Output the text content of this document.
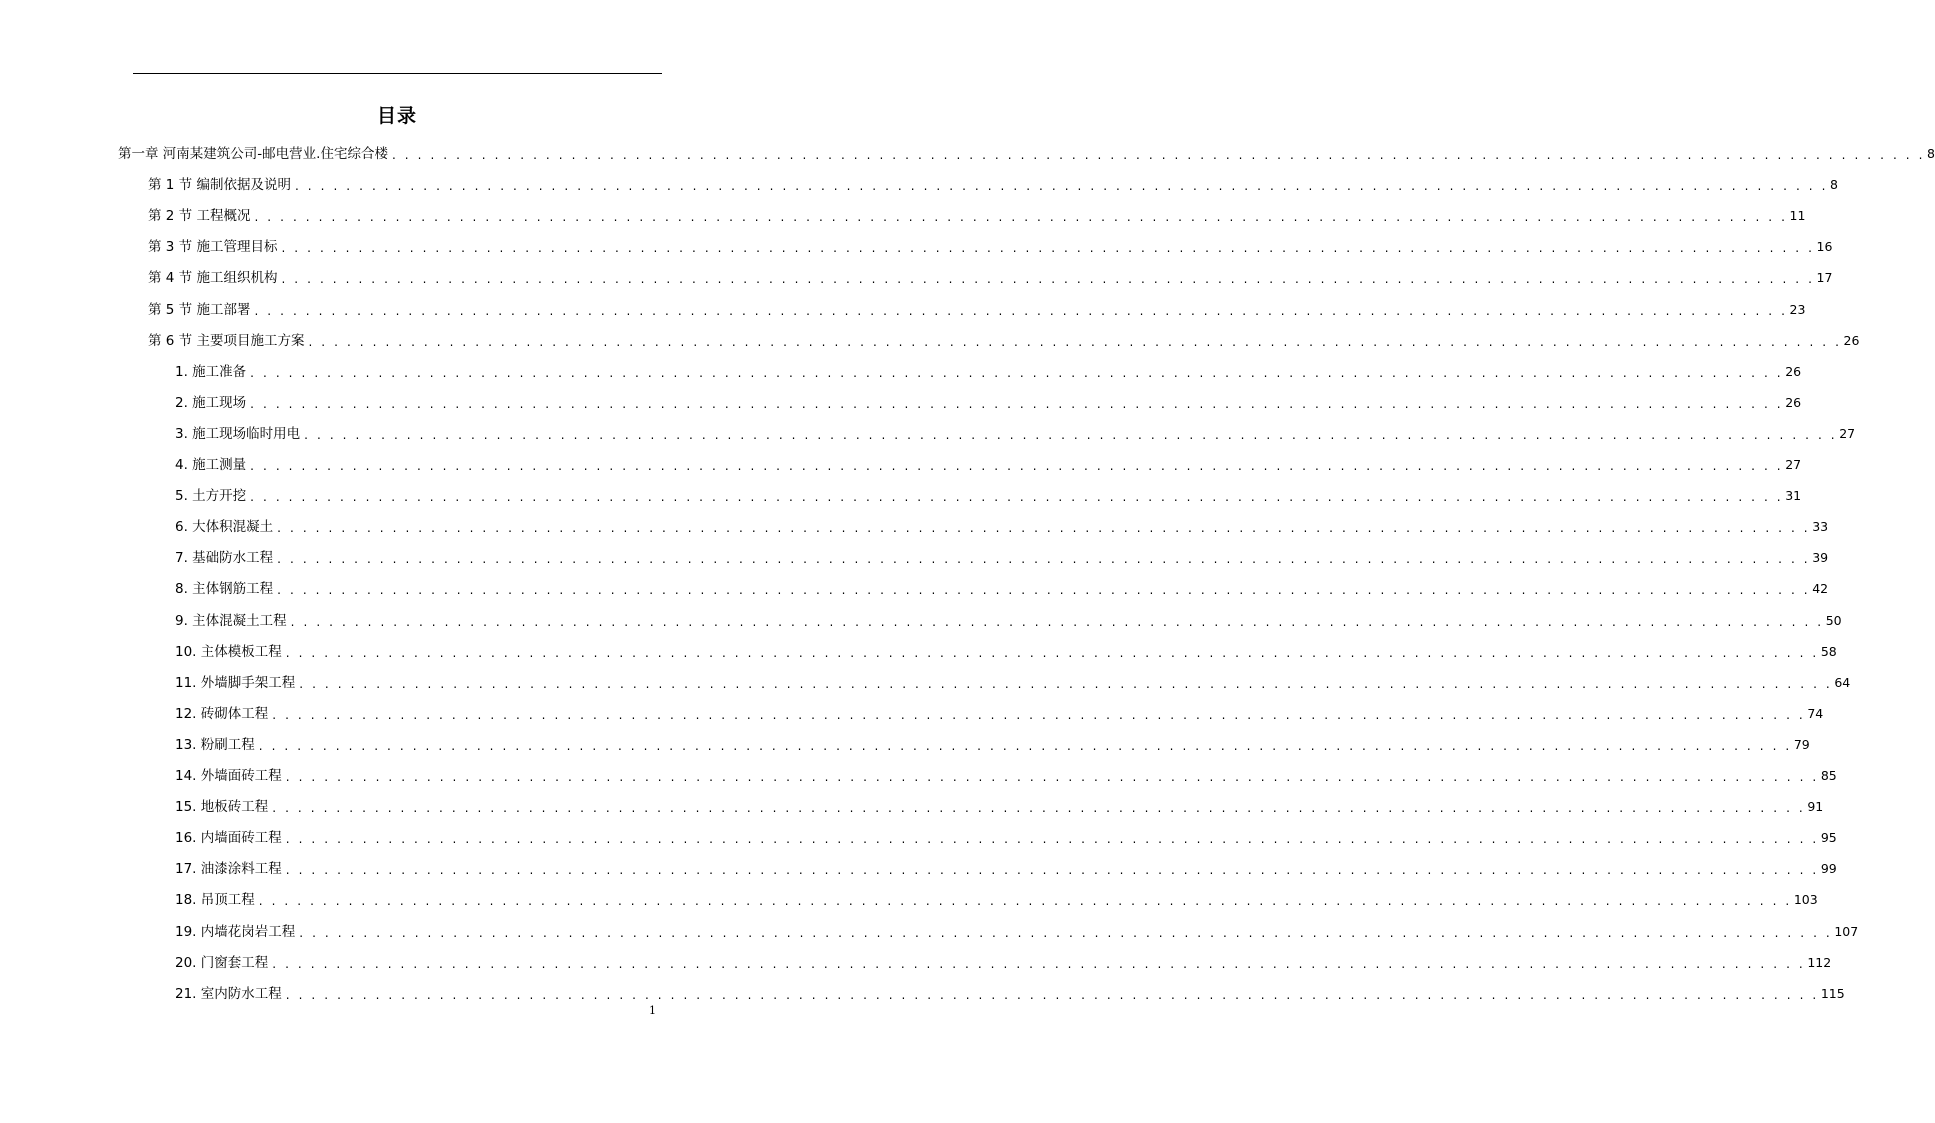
目录
第一章 河南某建筑公司-邮电营业.住宅综合楼 . . . . . . . . . . . . . . . . . . . . . . . . . . . . . . . . . . . . . . . . . . . . . . . . . . . . . . . . . . . . . . . . . . . . . . . . . . . . . . . . . . . . . . . . . . . . . . . . . . . . . . . . . . . . . . . . . . . . . . . . 8
第 1 节 编制依据及说明 . . . . . . . . . . . . . . . . . . . . . . . . . . . . . . . . . . . . . . . . . . . . . . . . . . . . . . . . . . . . . . . . . . . . . . . . . . . . . . . . . . . . . . . . . . . . . . . . . . . . . . . . . . . . . . . . . . . . . . . . 8
第 2 节 工程概况 . . . . . . . . . . . . . . . . . . . . . . . . . . . . . . . . . . . . . . . . . . . . . . . . . . . . . . . . . . . . . . . . . . . . . . . . . . . . . . . . . . . . . . . . . . . . . . . . . . . . . . . . . . . . . . . . . . . . . . . . 11
第 3 节 施工管理目标 . . . . . . . . . . . . . . . . . . . . . . . . . . . . . . . . . . . . . . . . . . . . . . . . . . . . . . . . . . . . . . . . . . . . . . . . . . . . . . . . . . . . . . . . . . . . . . . . . . . . . . . . . . . . . . . . . . . . . . . . 16
第 4 节 施工组织机构 . . . . . . . . . . . . . . . . . . . . . . . . . . . . . . . . . . . . . . . . . . . . . . . . . . . . . . . . . . . . . . . . . . . . . . . . . . . . . . . . . . . . . . . . . . . . . . . . . . . . . . . . . . . . . . . . . . . . . . . . 17
第 5 节 施工部署 . . . . . . . . . . . . . . . . . . . . . . . . . . . . . . . . . . . . . . . . . . . . . . . . . . . . . . . . . . . . . . . . . . . . . . . . . . . . . . . . . . . . . . . . . . . . . . . . . . . . . . . . . . . . . . . . . . . . . . . . 23
第 6 节 主要项目施工方案 . . . . . . . . . . . . . . . . . . . . . . . . . . . . . . . . . . . . . . . . . . . . . . . . . . . . . . . . . . . . . . . . . . . . . . . . . . . . . . . . . . . . . . . . . . . . . . . . . . . . . . . . . . . . . . . . . . . . . . . . 26
1. 施工准备 . . . . . . . . . . . . . . . . . . . . . . . . . . . . . . . . . . . . . . . . . . . . . . . . . . . . . . . . . . . . . . . . . . . . . . . . . . . . . . . . . . . . . . . . . . . . . . . . . . . . . . . . . . . . . . . . . . . . . . . . 26
2. 施工现场 . . . . . . . . . . . . . . . . . . . . . . . . . . . . . . . . . . . . . . . . . . . . . . . . . . . . . . . . . . . . . . . . . . . . . . . . . . . . . . . . . . . . . . . . . . . . . . . . . . . . . . . . . . . . . . . . . . . . . . . . 26
3. 施工现场临时用电 . . . . . . . . . . . . . . . . . . . . . . . . . . . . . . . . . . . . . . . . . . . . . . . . . . . . . . . . . . . . . . . . . . . . . . . . . . . . . . . . . . . . . . . . . . . . . . . . . . . . . . . . . . . . . . . . . . . . . . . . 27
4. 施工测量 . . . . . . . . . . . . . . . . . . . . . . . . . . . . . . . . . . . . . . . . . . . . . . . . . . . . . . . . . . . . . . . . . . . . . . . . . . . . . . . . . . . . . . . . . . . . . . . . . . . . . . . . . . . . . . . . . . . . . . . . 27
5. 土方开挖 . . . . . . . . . . . . . . . . . . . . . . . . . . . . . . . . . . . . . . . . . . . . . . . . . . . . . . . . . . . . . . . . . . . . . . . . . . . . . . . . . . . . . . . . . . . . . . . . . . . . . . . . . . . . . . . . . . . . . . . . 31
6. 大体积混凝土 . . . . . . . . . . . . . . . . . . . . . . . . . . . . . . . . . . . . . . . . . . . . . . . . . . . . . . . . . . . . . . . . . . . . . . . . . . . . . . . . . . . . . . . . . . . . . . . . . . . . . . . . . . . . . . . . . . . . . . . . 33
7. 基础防水工程 . . . . . . . . . . . . . . . . . . . . . . . . . . . . . . . . . . . . . . . . . . . . . . . . . . . . . . . . . . . . . . . . . . . . . . . . . . . . . . . . . . . . . . . . . . . . . . . . . . . . . . . . . . . . . . . . . . . . . . . . 39
8. 主体钢筋工程 . . . . . . . . . . . . . . . . . . . . . . . . . . . . . . . . . . . . . . . . . . . . . . . . . . . . . . . . . . . . . . . . . . . . . . . . . . . . . . . . . . . . . . . . . . . . . . . . . . . . . . . . . . . . . . . . . . . . . . . . 42
9. 主体混凝土工程 . . . . . . . . . . . . . . . . . . . . . . . . . . . . . . . . . . . . . . . . . . . . . . . . . . . . . . . . . . . . . . . . . . . . . . . . . . . . . . . . . . . . . . . . . . . . . . . . . . . . . . . . . . . . . . . . . . . . . . . . 50
10. 主体模板工程 . . . . . . . . . . . . . . . . . . . . . . . . . . . . . . . . . . . . . . . . . . . . . . . . . . . . . . . . . . . . . . . . . . . . . . . . . . . . . . . . . . . . . . . . . . . . . . . . . . . . . . . . . . . . . . . . . . . . . . . . 58
11. 外墙脚手架工程 . . . . . . . . . . . . . . . . . . . . . . . . . . . . . . . . . . . . . . . . . . . . . . . . . . . . . . . . . . . . . . . . . . . . . . . . . . . . . . . . . . . . . . . . . . . . . . . . . . . . . . . . . . . . . . . . . . . . . . . . 64
12. 砖砌体工程 . . . . . . . . . . . . . . . . . . . . . . . . . . . . . . . . . . . . . . . . . . . . . . . . . . . . . . . . . . . . . . . . . . . . . . . . . . . . . . . . . . . . . . . . . . . . . . . . . . . . . . . . . . . . . . . . . . . . . . . . 74
13. 粉刷工程 . . . . . . . . . . . . . . . . . . . . . . . . . . . . . . . . . . . . . . . . . . . . . . . . . . . . . . . . . . . . . . . . . . . . . . . . . . . . . . . . . . . . . . . . . . . . . . . . . . . . . . . . . . . . . . . . . . . . . . . . 79
14. 外墙面砖工程 . . . . . . . . . . . . . . . . . . . . . . . . . . . . . . . . . . . . . . . . . . . . . . . . . . . . . . . . . . . . . . . . . . . . . . . . . . . . . . . . . . . . . . . . . . . . . . . . . . . . . . . . . . . . . . . . . . . . . . . . 85
15. 地板砖工程 . . . . . . . . . . . . . . . . . . . . . . . . . . . . . . . . . . . . . . . . . . . . . . . . . . . . . . . . . . . . . . . . . . . . . . . . . . . . . . . . . . . . . . . . . . . . . . . . . . . . . . . . . . . . . . . . . . . . . . . . 91
16. 内墙面砖工程 . . . . . . . . . . . . . . . . . . . . . . . . . . . . . . . . . . . . . . . . . . . . . . . . . . . . . . . . . . . . . . . . . . . . . . . . . . . . . . . . . . . . . . . . . . . . . . . . . . . . . . . . . . . . . . . . . . . . . . . . 95
17. 油漆涂料工程 . . . . . . . . . . . . . . . . . . . . . . . . . . . . . . . . . . . . . . . . . . . . . . . . . . . . . . . . . . . . . . . . . . . . . . . . . . . . . . . . . . . . . . . . . . . . . . . . . . . . . . . . . . . . . . . . . . . . . . . . 99
18. 吊顶工程 . . . . . . . . . . . . . . . . . . . . . . . . . . . . . . . . . . . . . . . . . . . . . . . . . . . . . . . . . . . . . . . . . . . . . . . . . . . . . . . . . . . . . . . . . . . . . . . . . . . . . . . . . . . . . . . . . . . . . . . . 103
19. 内墙花岗岩工程 . . . . . . . . . . . . . . . . . . . . . . . . . . . . . . . . . . . . . . . . . . . . . . . . . . . . . . . . . . . . . . . . . . . . . . . . . . . . . . . . . . . . . . . . . . . . . . . . . . . . . . . . . . . . . . . . . . . . . . . . 107
20. 门窗套工程 . . . . . . . . . . . . . . . . . . . . . . . . . . . . . . . . . . . . . . . . . . . . . . . . . . . . . . . . . . . . . . . . . . . . . . . . . . . . . . . . . . . . . . . . . . . . . . . . . . . . . . . . . . . . . . . . . . . . . . . . 112
21. 室内防水工程 . . . . . . . . . . . . . . . . . . . . . . . . . . . . . . . . . . . . . . . . . . . . . . . . . . . . . . . . . . . . . . . . . . . . . . . . . . . . . . . . . . . . . . . . . . . . . . . . . . . . . . . . . . . . . . . . . . . . . . . . 115
1
